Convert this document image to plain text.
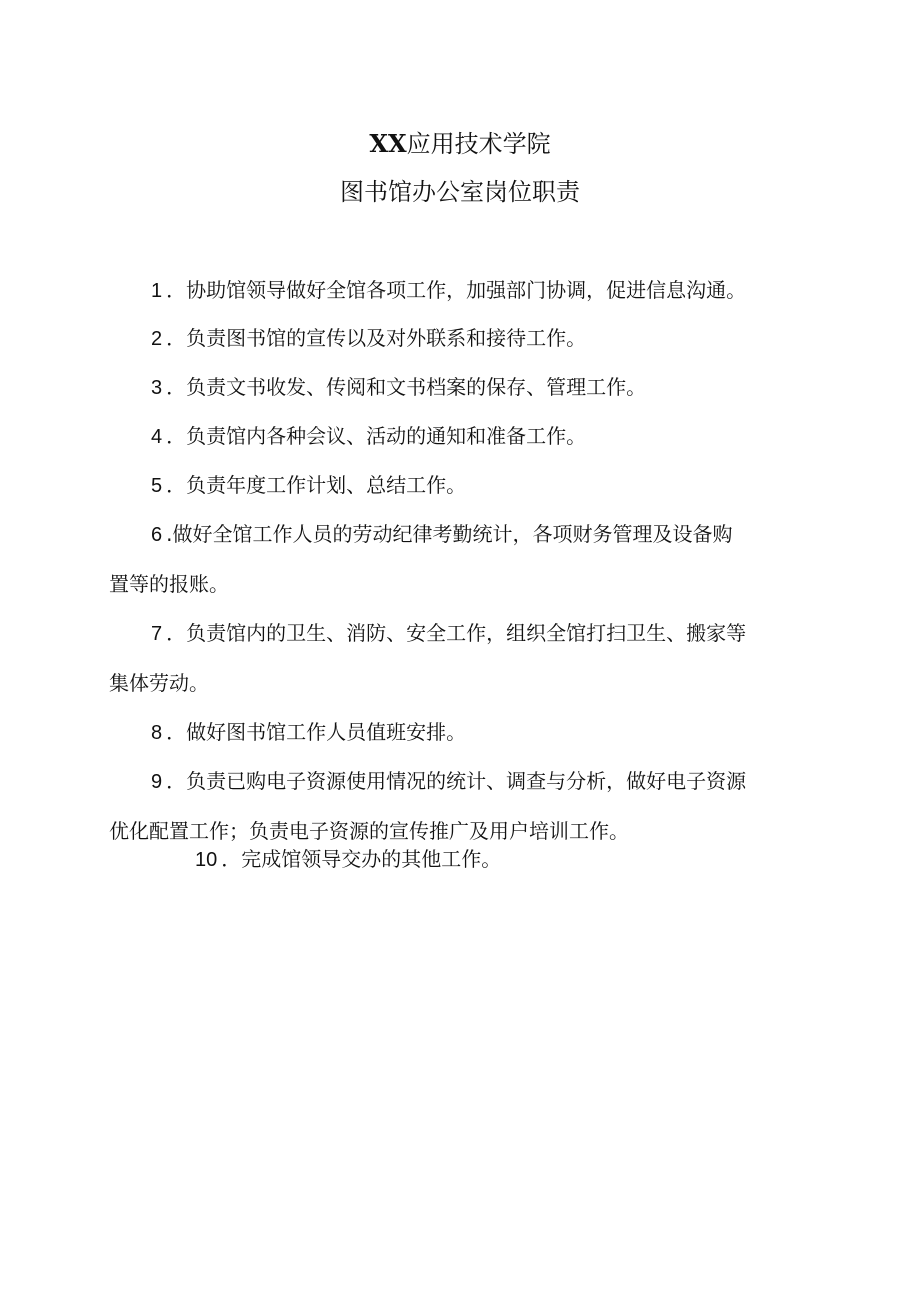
XX应用技术学院
图书馆办公室岗位职责
1 ．协助馆领导做好全馆各项工作，加强部门协调，促进信息沟通。
2 ．负责图书馆的宣传以及对外联系和接待工作。
3 ．负责文书收发、传阅和文书档案的保存、管理工作。
4 ．负责馆内各种会议、活动的通知和准备工作。
5 ．负责年度工作计划、总结工作。
6 .做好全馆工作人员的劳动纪律考勤统计，各项财务管理及设备购
置等的报账。
7 ．负责馆内的卫生、消防、安全工作，组织全馆打扫卫生、搬家等
集体劳动。
8 ．做好图书馆工作人员值班安排。
9 ．负责已购电子资源使用情况的统计、调查与分析，做好电子资源
优化配置工作；负责电子资源的宣传推广及用户培训工作。
10 ．完成馆领导交办的其他工作。
